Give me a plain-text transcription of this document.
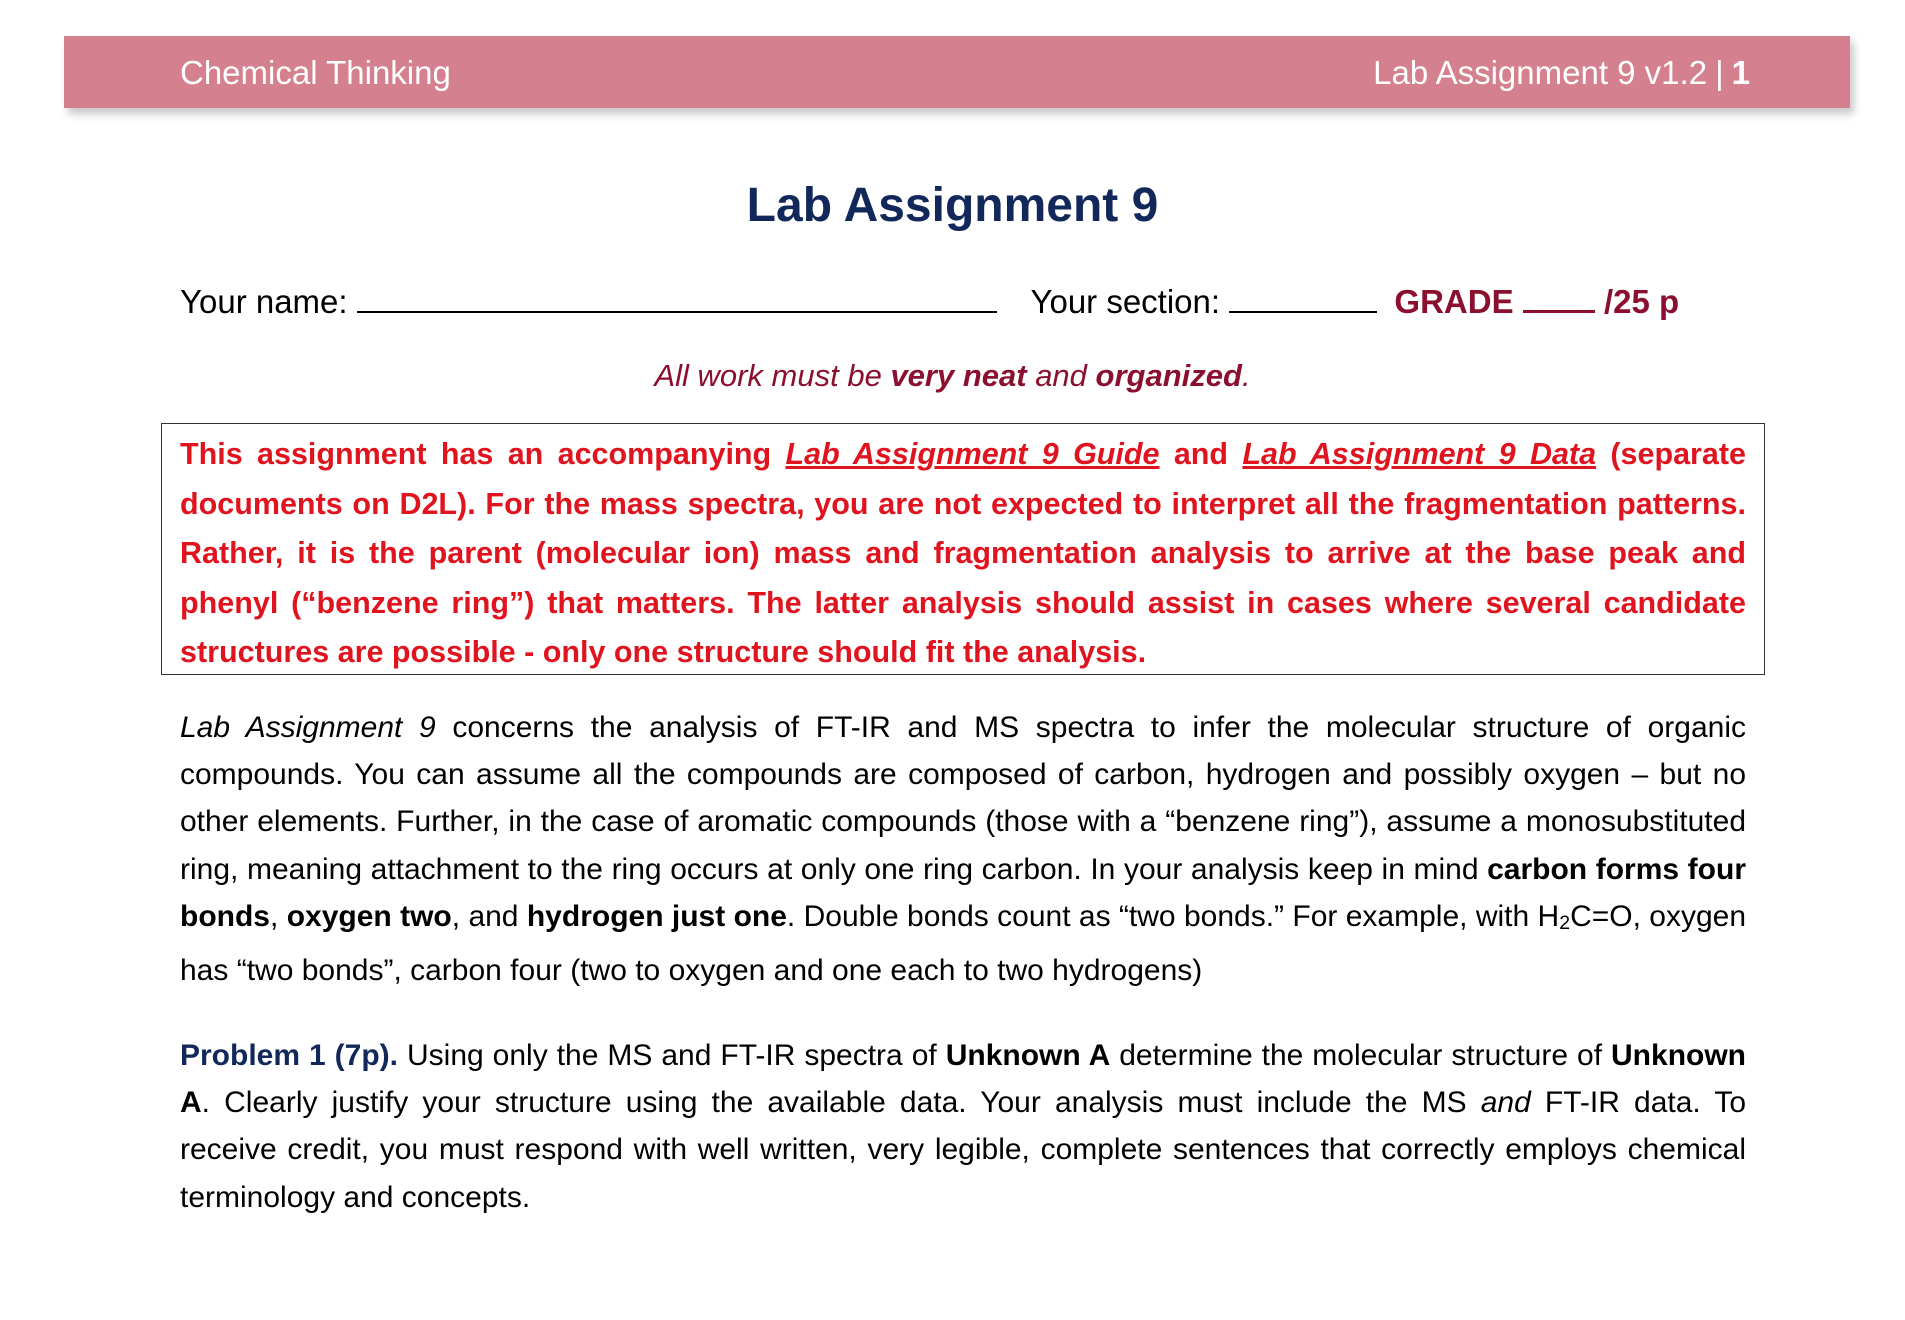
Chemical Thinking	Lab Assignment 9 v1.2 | 1
Lab Assignment 9
Your name:	Your section:	GRADE	/25 p
All work must be very neat and organized.
This assignment has an accompanying Lab Assignment 9 Guide and Lab Assignment 9 Data (separate documents on D2L). For the mass spectra, you are not expected to interpret all the fragmentation patterns. Rather, it is the parent (molecular ion) mass and fragmentation analysis to arrive at the base peak and phenyl (“benzene ring”) that matters. The latter analysis should assist in cases where several candidate structures are possible - only one structure should fit the analysis.
Lab Assignment 9 concerns the analysis of FT-IR and MS spectra to infer the molecular structure of organic compounds. You can assume all the compounds are composed of carbon, hydrogen and possibly oxygen – but no other elements. Further, in the case of aromatic compounds (those with a “benzene ring”), assume a monosubstituted ring, meaning attachment to the ring occurs at only one ring carbon. In your analysis keep in mind carbon forms four bonds, oxygen two, and hydrogen just one. Double bonds count as “two bonds.” For example, with $H_2C=O$, oxygen has “two bonds”, carbon four (two to oxygen and one each to two hydrogens)
Problem 1 (7p). Using only the MS and FT-IR spectra of Unknown A determine the molecular structure of Unknown A. Clearly justify your structure using the available data. Your analysis must include the MS and FT-IR data. To receive credit, you must respond with well written, very legible, complete sentences that correctly employs chemical terminology and concepts.
